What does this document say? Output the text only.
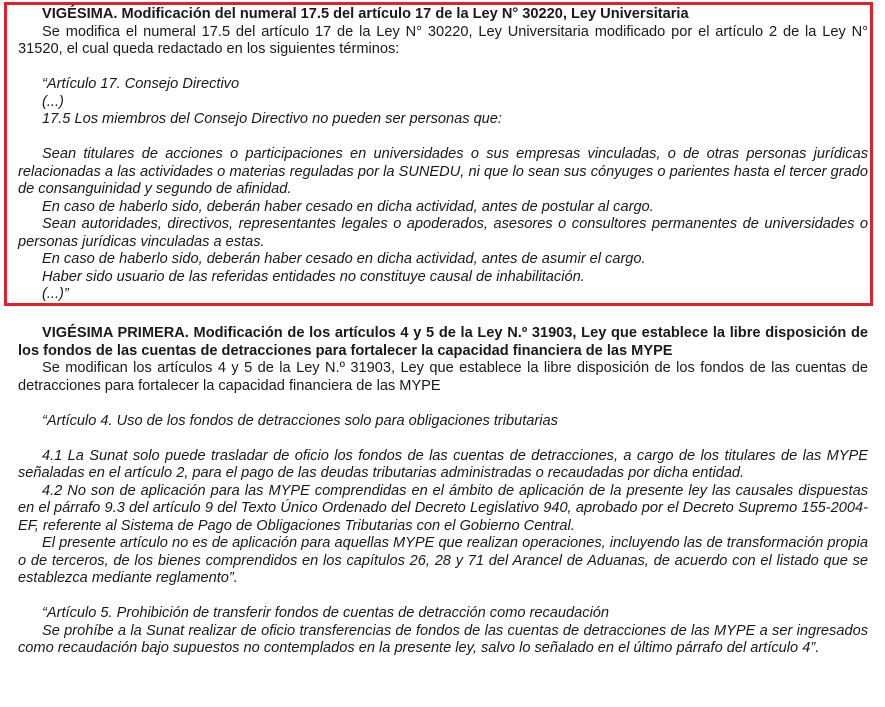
VIGÉSIMA. Modificación del numeral 17.5 del artículo 17 de la Ley N° 30220, Ley Universitaria

Se modifica el numeral 17.5 del artículo 17 de la Ley N° 30220, Ley Universitaria modificado por el artículo 2 de la Ley N° 31520, el cual queda redactado en los siguientes términos:

“Artículo 17. Consejo Directivo

(...)

17.5 Los miembros del Consejo Directivo no pueden ser personas que:

Sean titulares de acciones o participaciones en universidades o sus empresas vinculadas, o de otras personas jurídicas relacionadas a las actividades o materias reguladas por la SUNEDU, ni que lo sean sus cónyuges o parientes hasta el tercer grado de consanguinidad y segundo de afinidad.

En caso de haberlo sido, deberán haber cesado en dicha actividad, antes de postular al cargo.

Sean autoridades, directivos, representantes legales o apoderados, asesores o consultores permanentes de universidades o personas jurídicas vinculadas a estas.

En caso de haberlo sido, deberán haber cesado en dicha actividad, antes de asumir el cargo.

Haber sido usuario de las referidas entidades no constituye causal de inhabilitación.

(...)”

VIGÉSIMA PRIMERA. Modificación de los artículos 4 y 5 de la Ley N.º 31903, Ley que establece la libre disposición de los fondos de las cuentas de detracciones para fortalecer la capacidad financiera de las MYPE

Se modifican los artículos 4 y 5 de la Ley N.º 31903, Ley que establece la libre disposición de los fondos de las cuentas de detracciones para fortalecer la capacidad financiera de las MYPE

“Artículo 4. Uso de los fondos de detracciones solo para obligaciones tributarias

4.1 La Sunat solo puede trasladar de oficio los fondos de las cuentas de detracciones, a cargo de los titulares de las MYPE señaladas en el artículo 2, para el pago de las deudas tributarias administradas o recaudadas por dicha entidad.

4.2 No son de aplicación para las MYPE comprendidas en el ámbito de aplicación de la presente ley las causales dispuestas en el párrafo 9.3 del artículo 9 del Texto Único Ordenado del Decreto Legislativo 940, aprobado por el Decreto Supremo 155-2004-EF, referente al Sistema de Pago de Obligaciones Tributarias con el Gobierno Central.

El presente artículo no es de aplicación para aquellas MYPE que realizan operaciones, incluyendo las de transformación propia o de terceros, de los bienes comprendidos en los capítulos 26, 28 y 71 del Arancel de Aduanas, de acuerdo con el listado que se establezca mediante reglamento”.

“Artículo 5. Prohibición de transferir fondos de cuentas de detracción como recaudación

Se prohíbe a la Sunat realizar de oficio transferencias de fondos de las cuentas de detracciones de las MYPE a ser ingresados como recaudación bajo supuestos no contemplados en la presente ley, salvo lo señalado en el último párrafo del artículo 4”.
